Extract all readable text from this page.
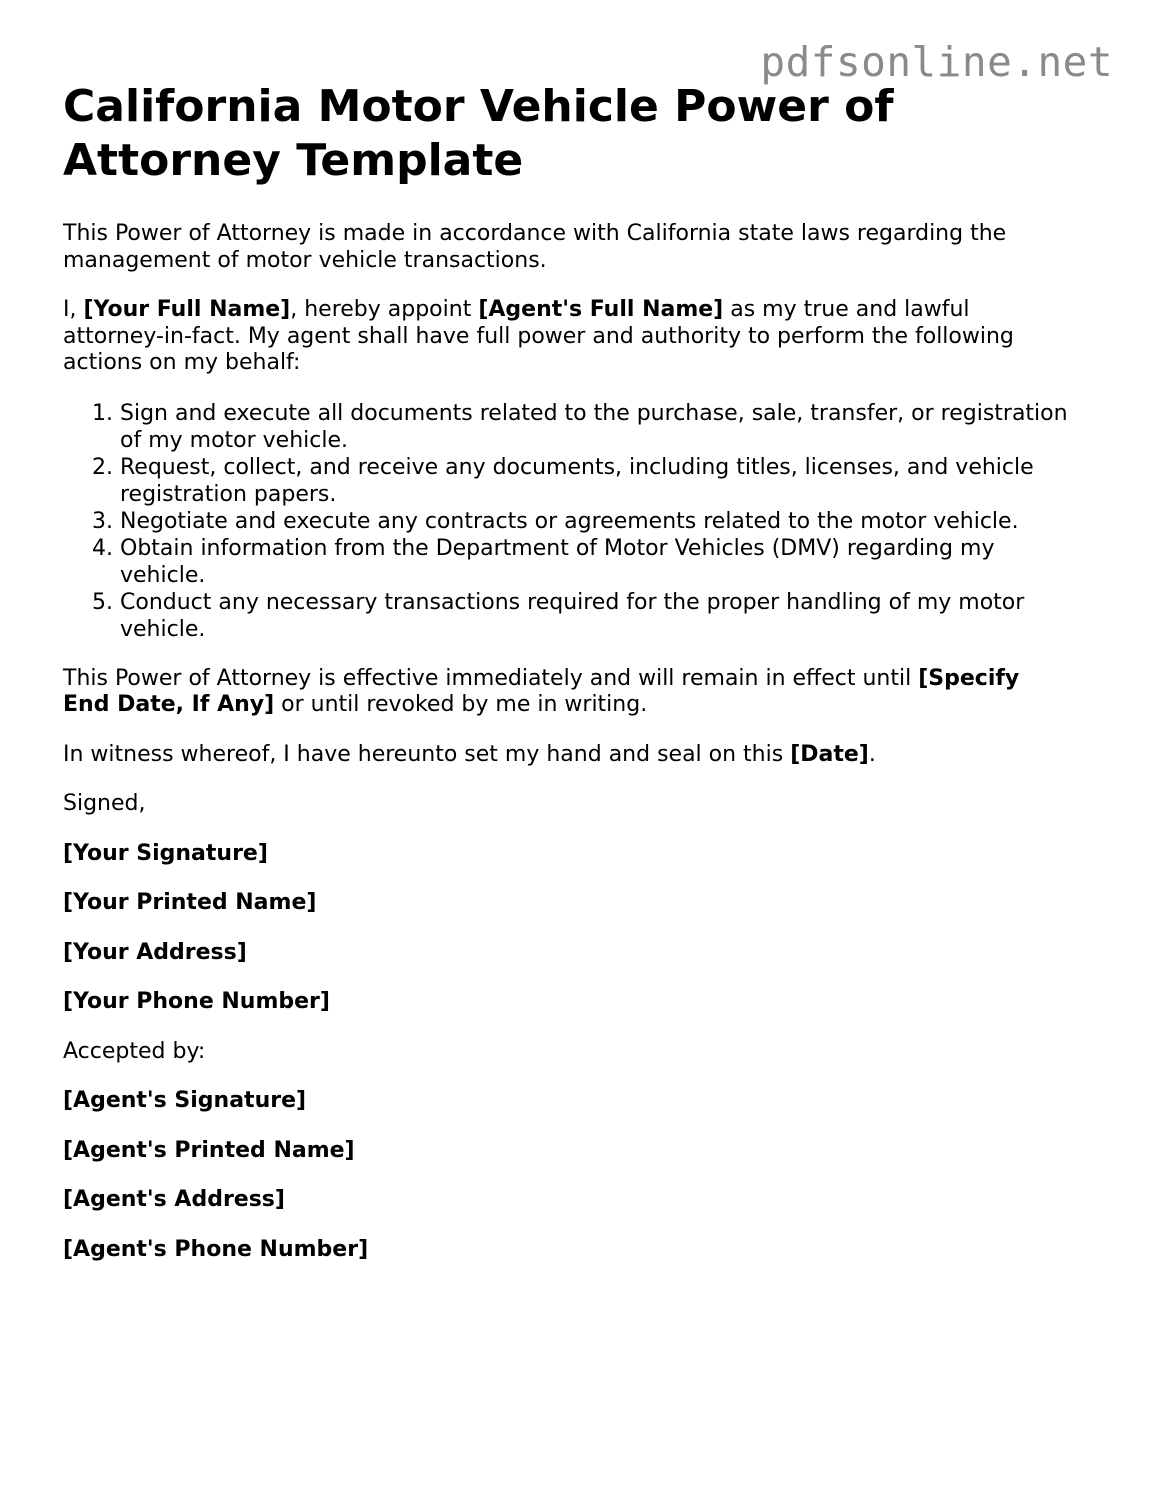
pdfsonline.net
California Motor Vehicle Power of Attorney Template

This Power of Attorney is made in accordance with California state laws regarding the management of motor vehicle transactions.

I, [Your Full Name], hereby appoint [Agent's Full Name] as my true and lawful attorney-in-fact. My agent shall have full power and authority to perform the following actions on my behalf:

1. Sign and execute all documents related to the purchase, sale, transfer, or registration of my motor vehicle.
2. Request, collect, and receive any documents, including titles, licenses, and vehicle registration papers.
3. Negotiate and execute any contracts or agreements related to the motor vehicle.
4. Obtain information from the Department of Motor Vehicles (DMV) regarding my vehicle.
5. Conduct any necessary transactions required for the proper handling of my motor vehicle.

This Power of Attorney is effective immediately and will remain in effect until [Specify End Date, If Any] or until revoked by me in writing.

In witness whereof, I have hereunto set my hand and seal on this [Date].

Signed,

[Your Signature]

[Your Printed Name]

[Your Address]

[Your Phone Number]

Accepted by:

[Agent's Signature]

[Agent's Printed Name]

[Agent's Address]

[Agent's Phone Number]
